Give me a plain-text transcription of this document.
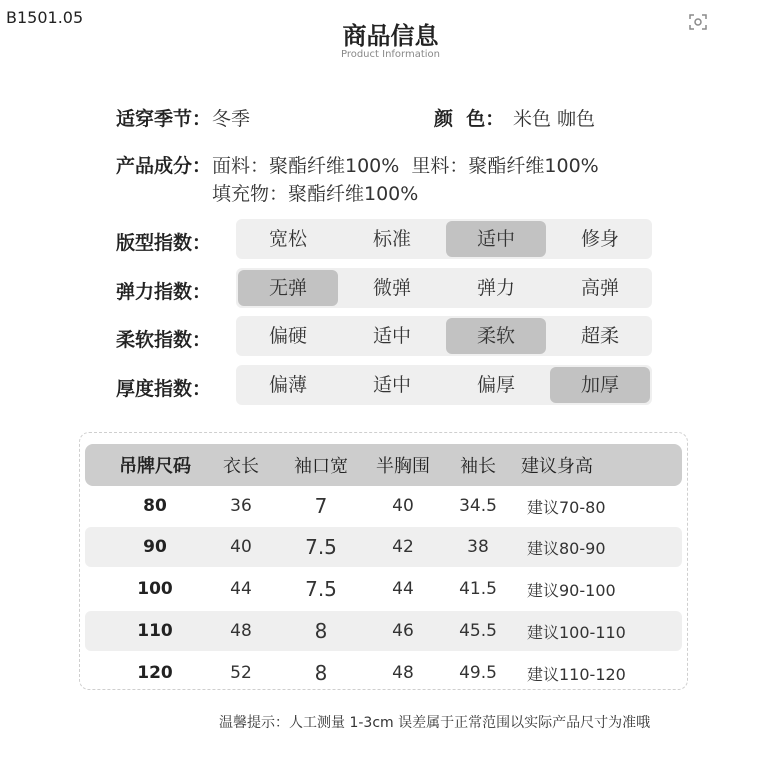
B1501.05
商品信息
Product Information
适穿季节： 冬季	颜  色： 米色 咖色
产品成分： 面料：聚酯纤维100%  里料：聚酯纤维100%
填充物：聚酯纤维100%
版型指数：	宽松	标准	适中	修身
弹力指数：	无弹	微弹	弹力	高弹
柔软指数：	偏硬	适中	柔软	超柔
厚度指数：	偏薄	适中	偏厚	加厚
吊牌尺码	衣长	袖口宽	半胸围	袖长	建议身高
80	36	7	40	34.5	建议70-80
90	40	7.5	42	38	建议80-90
100	44	7.5	44	41.5	建议90-100
110	48	8	46	45.5	建议100-110
120	52	8	48	49.5	建议110-120
温馨提示：人工测量 1-3cm 误差属于正常范围以实际产品尺寸为准哦
